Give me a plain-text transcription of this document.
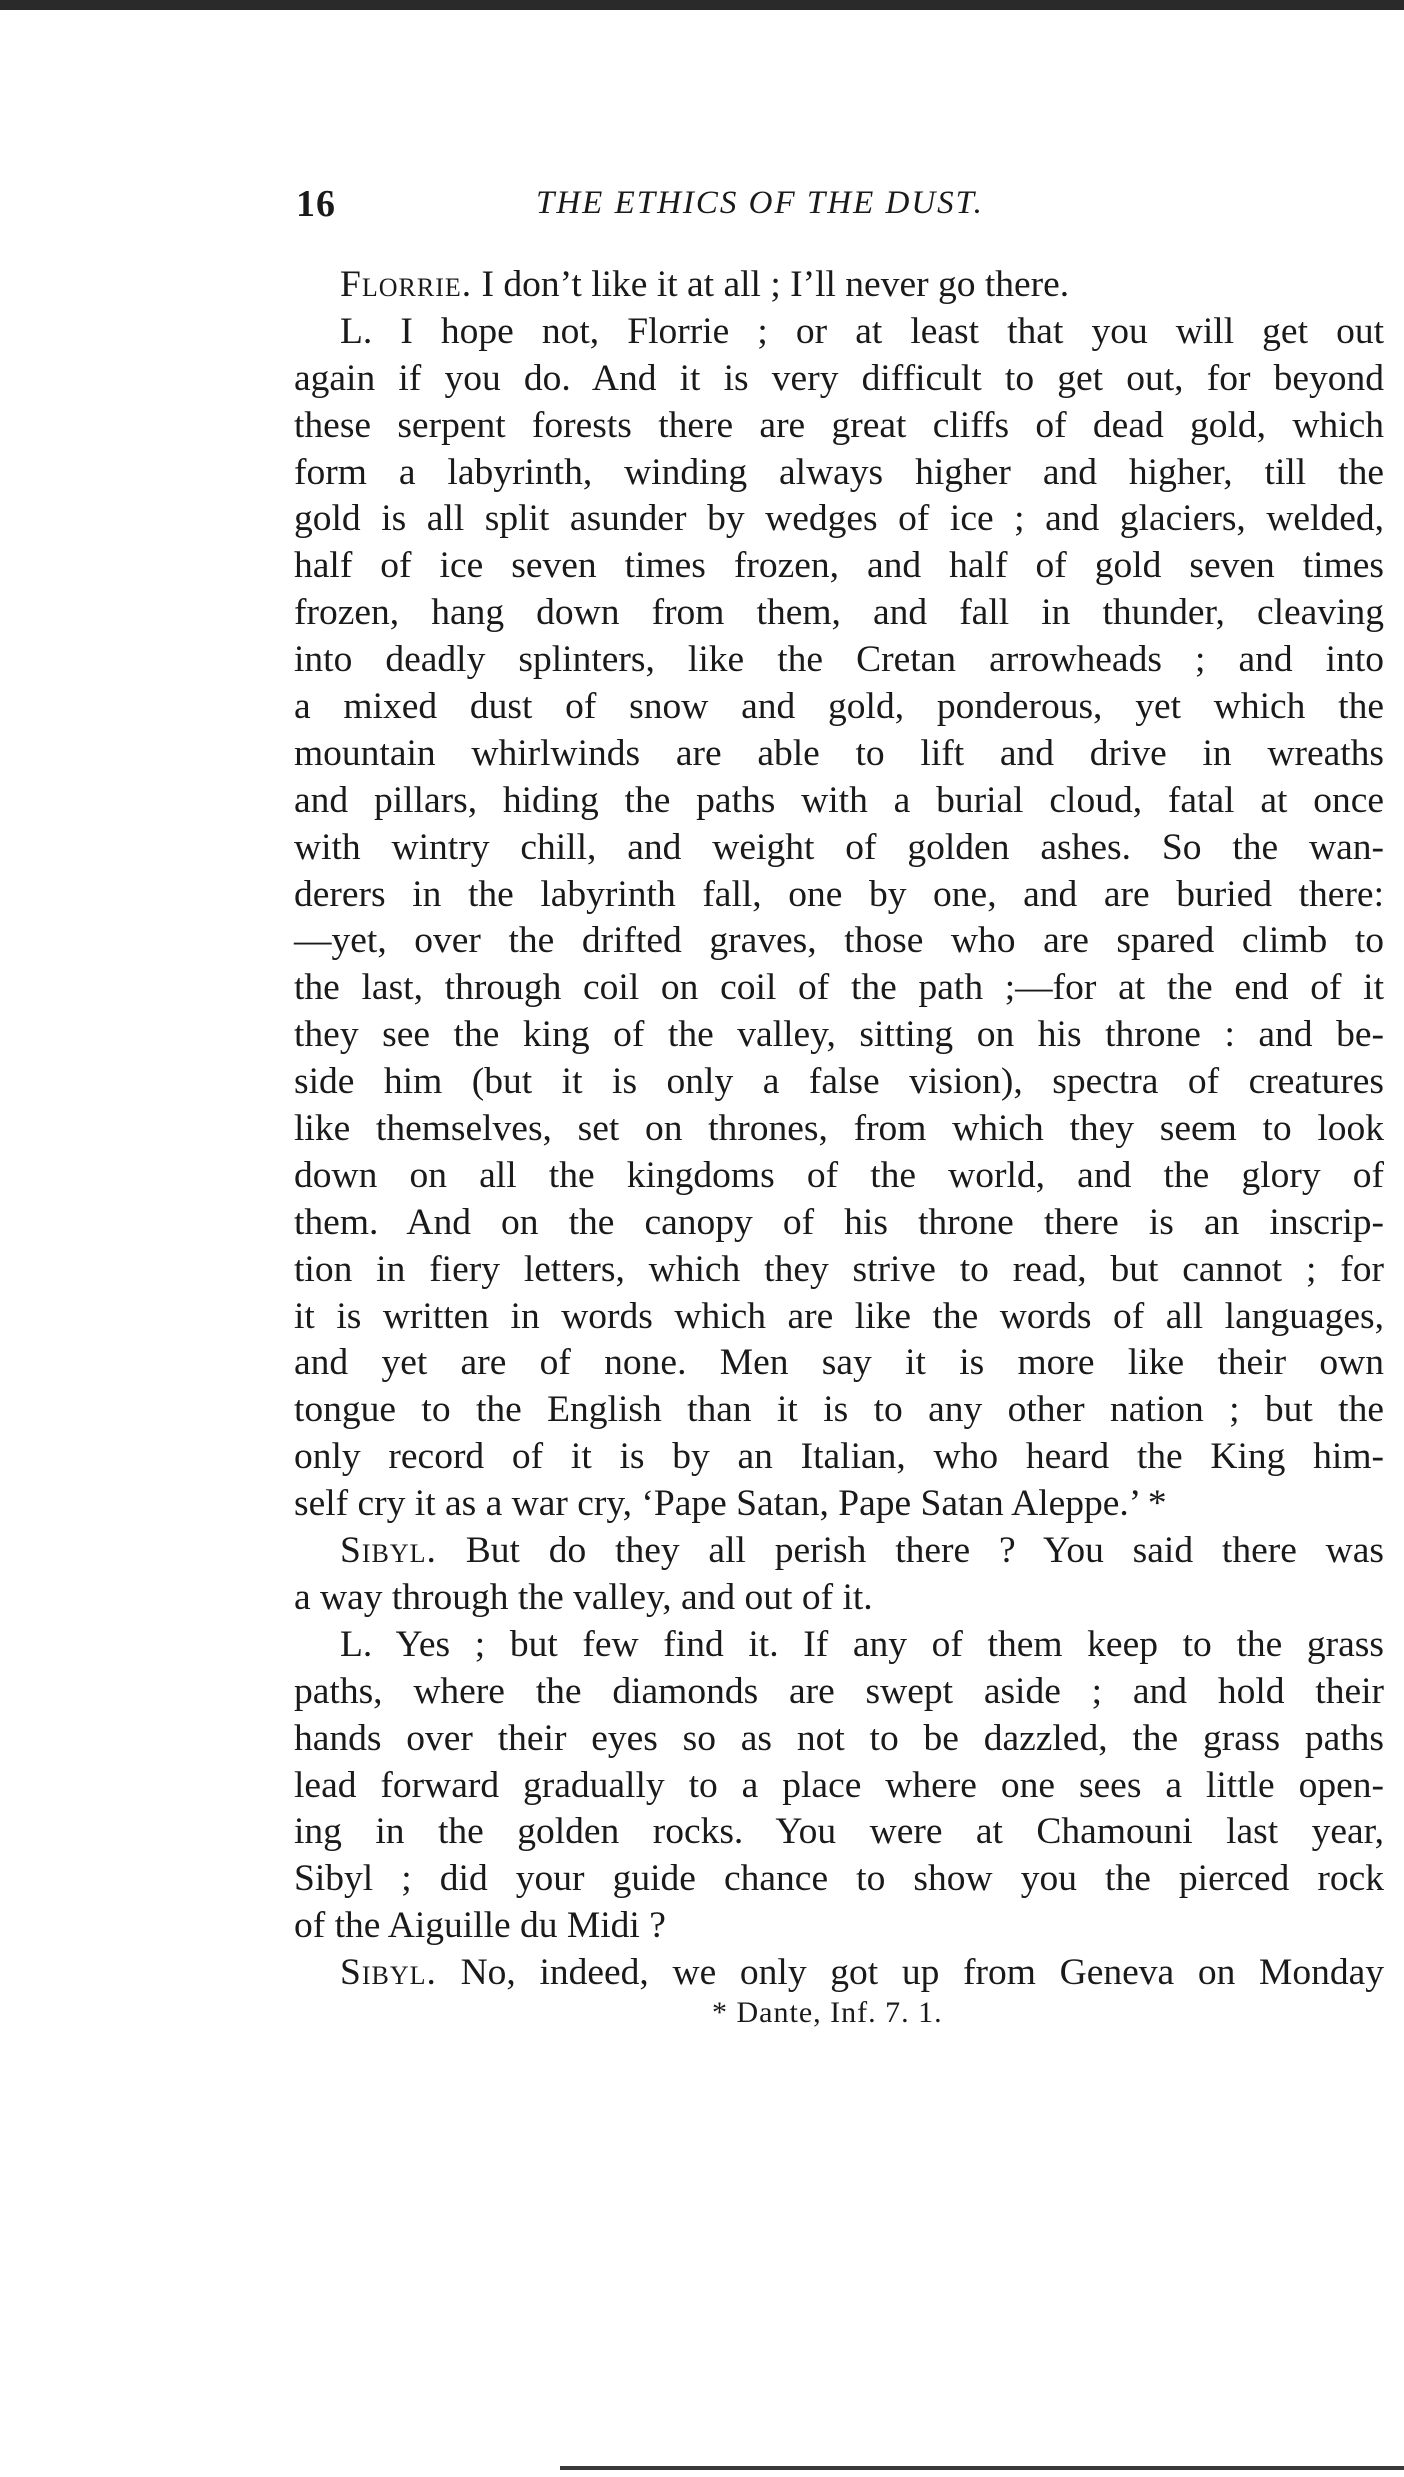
16	THE ETHICS OF THE DUST.
Florrie. I don’t like it at all ; I’ll never go there.
L. I hope not, Florrie ; or at least that you will get out
again if you do. And it is very difficult to get out, for beyond
these serpent forests there are great cliffs of dead gold, which
form a labyrinth, winding always higher and higher, till the
gold is all split asunder by wedges of ice ; and glaciers, welded,
half of ice seven times frozen, and half of gold seven times
frozen, hang down from them, and fall in thunder, cleaving
into deadly splinters, like the Cretan arrowheads ; and into
a mixed dust of snow and gold, ponderous, yet which the
mountain whirlwinds are able to lift and drive in wreaths
and pillars, hiding the paths with a burial cloud, fatal at once
with wintry chill, and weight of golden ashes. So the wan-
derers in the labyrinth fall, one by one, and are buried there:
—yet, over the drifted graves, those who are spared climb to
the last, through coil on coil of the path ;—for at the end of it
they see the king of the valley, sitting on his throne : and be-
side him (but it is only a false vision), spectra of creatures
like themselves, set on thrones, from which they seem to look
down on all the kingdoms of the world, and the glory of
them. And on the canopy of his throne there is an inscrip-
tion in fiery letters, which they strive to read, but cannot ; for
it is written in words which are like the words of all languages,
and yet are of none. Men say it is more like their own
tongue to the English than it is to any other nation ; but the
only record of it is by an Italian, who heard the King him-
self cry it as a war cry, ‘Pape Satan, Pape Satan Aleppe.’ *
Sibyl. But do they all perish there ? You said there was
a way through the valley, and out of it.
L. Yes ; but few find it. If any of them keep to the grass
paths, where the diamonds are swept aside ; and hold their
hands over their eyes so as not to be dazzled, the grass paths
lead forward gradually to a place where one sees a little open-
ing in the golden rocks. You were at Chamouni last year,
Sibyl ; did your guide chance to show you the pierced rock
of the Aiguille du Midi ?
Sibyl. No, indeed, we only got up from Geneva on Monday
* Dante, Inf. 7. 1.
